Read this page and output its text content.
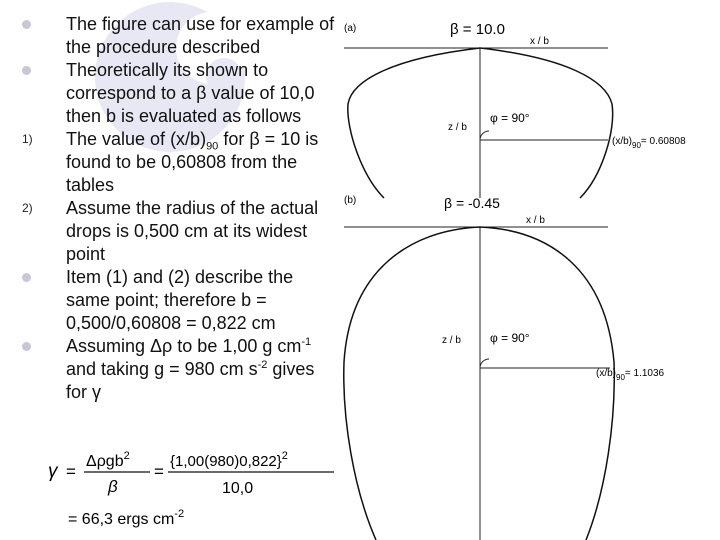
The figure can use for example of the procedure described
Theoretically its shown to correspond to a β value of 10,0 then b is evaluated as follows
1) The value of $(x/b)_{90}$ for β = 10 is found to be 0,60808 from the tables
2) Assume the radius of the actual drops is 0,500 cm at its widest point
Item (1) and (2) describe the same point; therefore b = 0,500/0,60808 = 0,822 cm
Assuming Δρ to be 1,00 g $cm^{-1}$ and taking g = 980 cm $s^{-2}$ gives for γ
γ =
Δρgb$^2$
β
=
$\{1,00(980)0,822\}^2$
10,0
= 66,3 ergs $cm^{-2}$
(a)	β = 10.0
x / b
z / b
φ = 90°
$(x/b)_{90}= 0.60808$
(b)	β = -0.45
x / b
z / b φ = 90°
$(x/b)_{90}= 1.1036$
